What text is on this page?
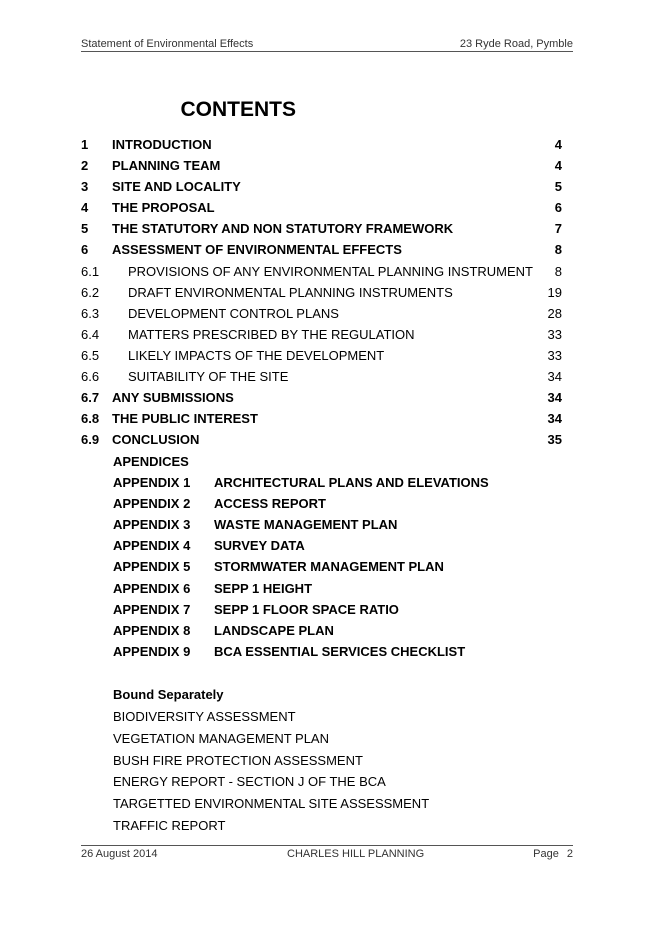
Statement of Environmental Effects	23 Ryde Road, Pymble
CONTENTS
1 INTRODUCTION	4
2 PLANNING TEAM	4
3 SITE AND LOCALITY	5
4 THE PROPOSAL	6
5 THE STATUTORY AND NON STATUTORY FRAMEWORK	7
6 ASSESSMENT OF ENVIRONMENTAL EFFECTS	8
6.1 PROVISIONS OF ANY ENVIRONMENTAL PLANNING INSTRUMENT 8
6.2 DRAFT ENVIRONMENTAL PLANNING INSTRUMENTS	19
6.3 DEVELOPMENT CONTROL PLANS	28
6.4 MATTERS PRESCRIBED BY THE REGULATION	33
6.5 LIKELY IMPACTS OF THE DEVELOPMENT	33
6.6 SUITABILITY OF THE SITE	34
6.7 ANY SUBMISSIONS	34
6.8 THE PUBLIC INTEREST	34
6.9 CONCLUSION	35
APENDICES
APPENDIX 1 ARCHITECTURAL PLANS AND ELEVATIONS
APPENDIX 2 ACCESS REPORT
APPENDIX 3 WASTE MANAGEMENT PLAN
APPENDIX 4 SURVEY DATA
APPENDIX 5 STORMWATER MANAGEMENT PLAN
APPENDIX 6 SEPP 1 HEIGHT
APPENDIX 7 SEPP 1 FLOOR SPACE RATIO
APPENDIX 8 LANDSCAPE PLAN
APPENDIX 9 BCA ESSENTIAL SERVICES CHECKLIST
Bound Separately
BIODIVERSITY ASSESSMENT
VEGETATION MANAGEMENT PLAN
BUSH FIRE PROTECTION ASSESSMENT
ENERGY REPORT - SECTION J OF THE BCA
TARGETTED ENVIRONMENTAL SITE ASSESSMENT
TRAFFIC REPORT
26 August 2014	CHARLES HILL PLANNING	Page 2
